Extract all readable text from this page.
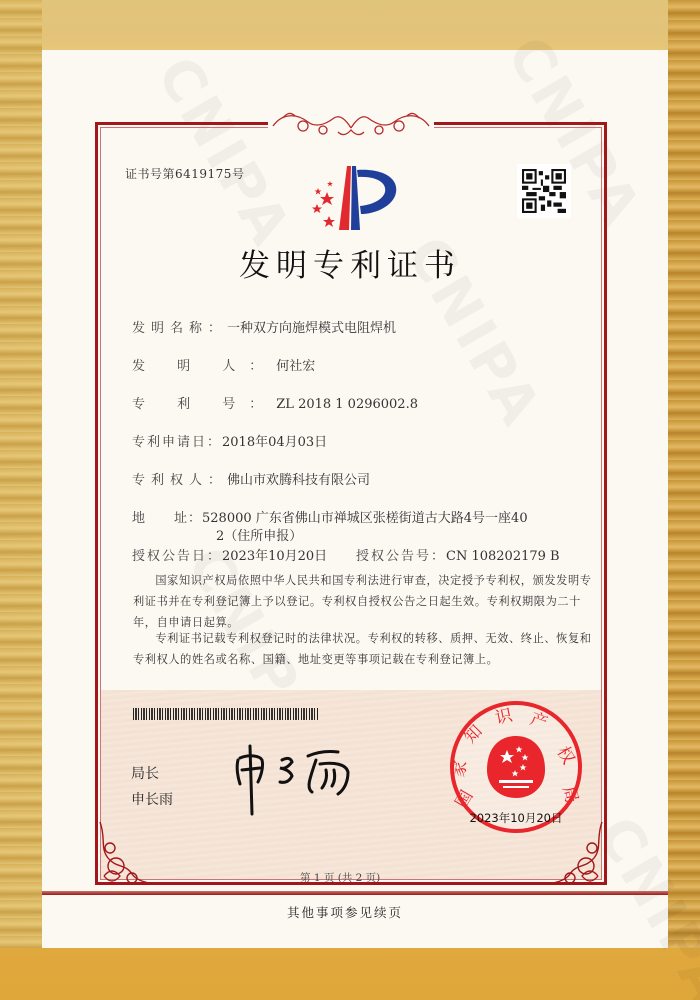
证书号第6419175号
发明专利证书
发明名称：一种双方向施焊模式电阻焊机
发 明 人：何社宏
专 利 号：ZL 2018 1 0296002.8
专利申请日：2018年04月03日
专利权人：佛山市欢腾科技有限公司
地　　址：528000 广东省佛山市禅城区张槎街道古大路4号一座40
2（住所申报）
授权公告日：2023年10月20日 授权公告号：CN 108202179 B

国家知识产权局依照中华人民共和国专利法进行审查，决定授予专利权，颁发发明专利证书并在专利登记簿上予以登记。专利权自授权公告之日起生效。专利权期限为二十年，自申请日起算。

专利证书记载专利权登记时的法律状况。专利权的转移、质押、无效、终止、恢复和专利权人的姓名或名称、国籍、地址变更等事项记载在专利登记簿上。

局长
申长雨	国
家
知
识 产
权
局
2023年10月20日
第 1 页 (共 2 页)
其他事项参见续页
